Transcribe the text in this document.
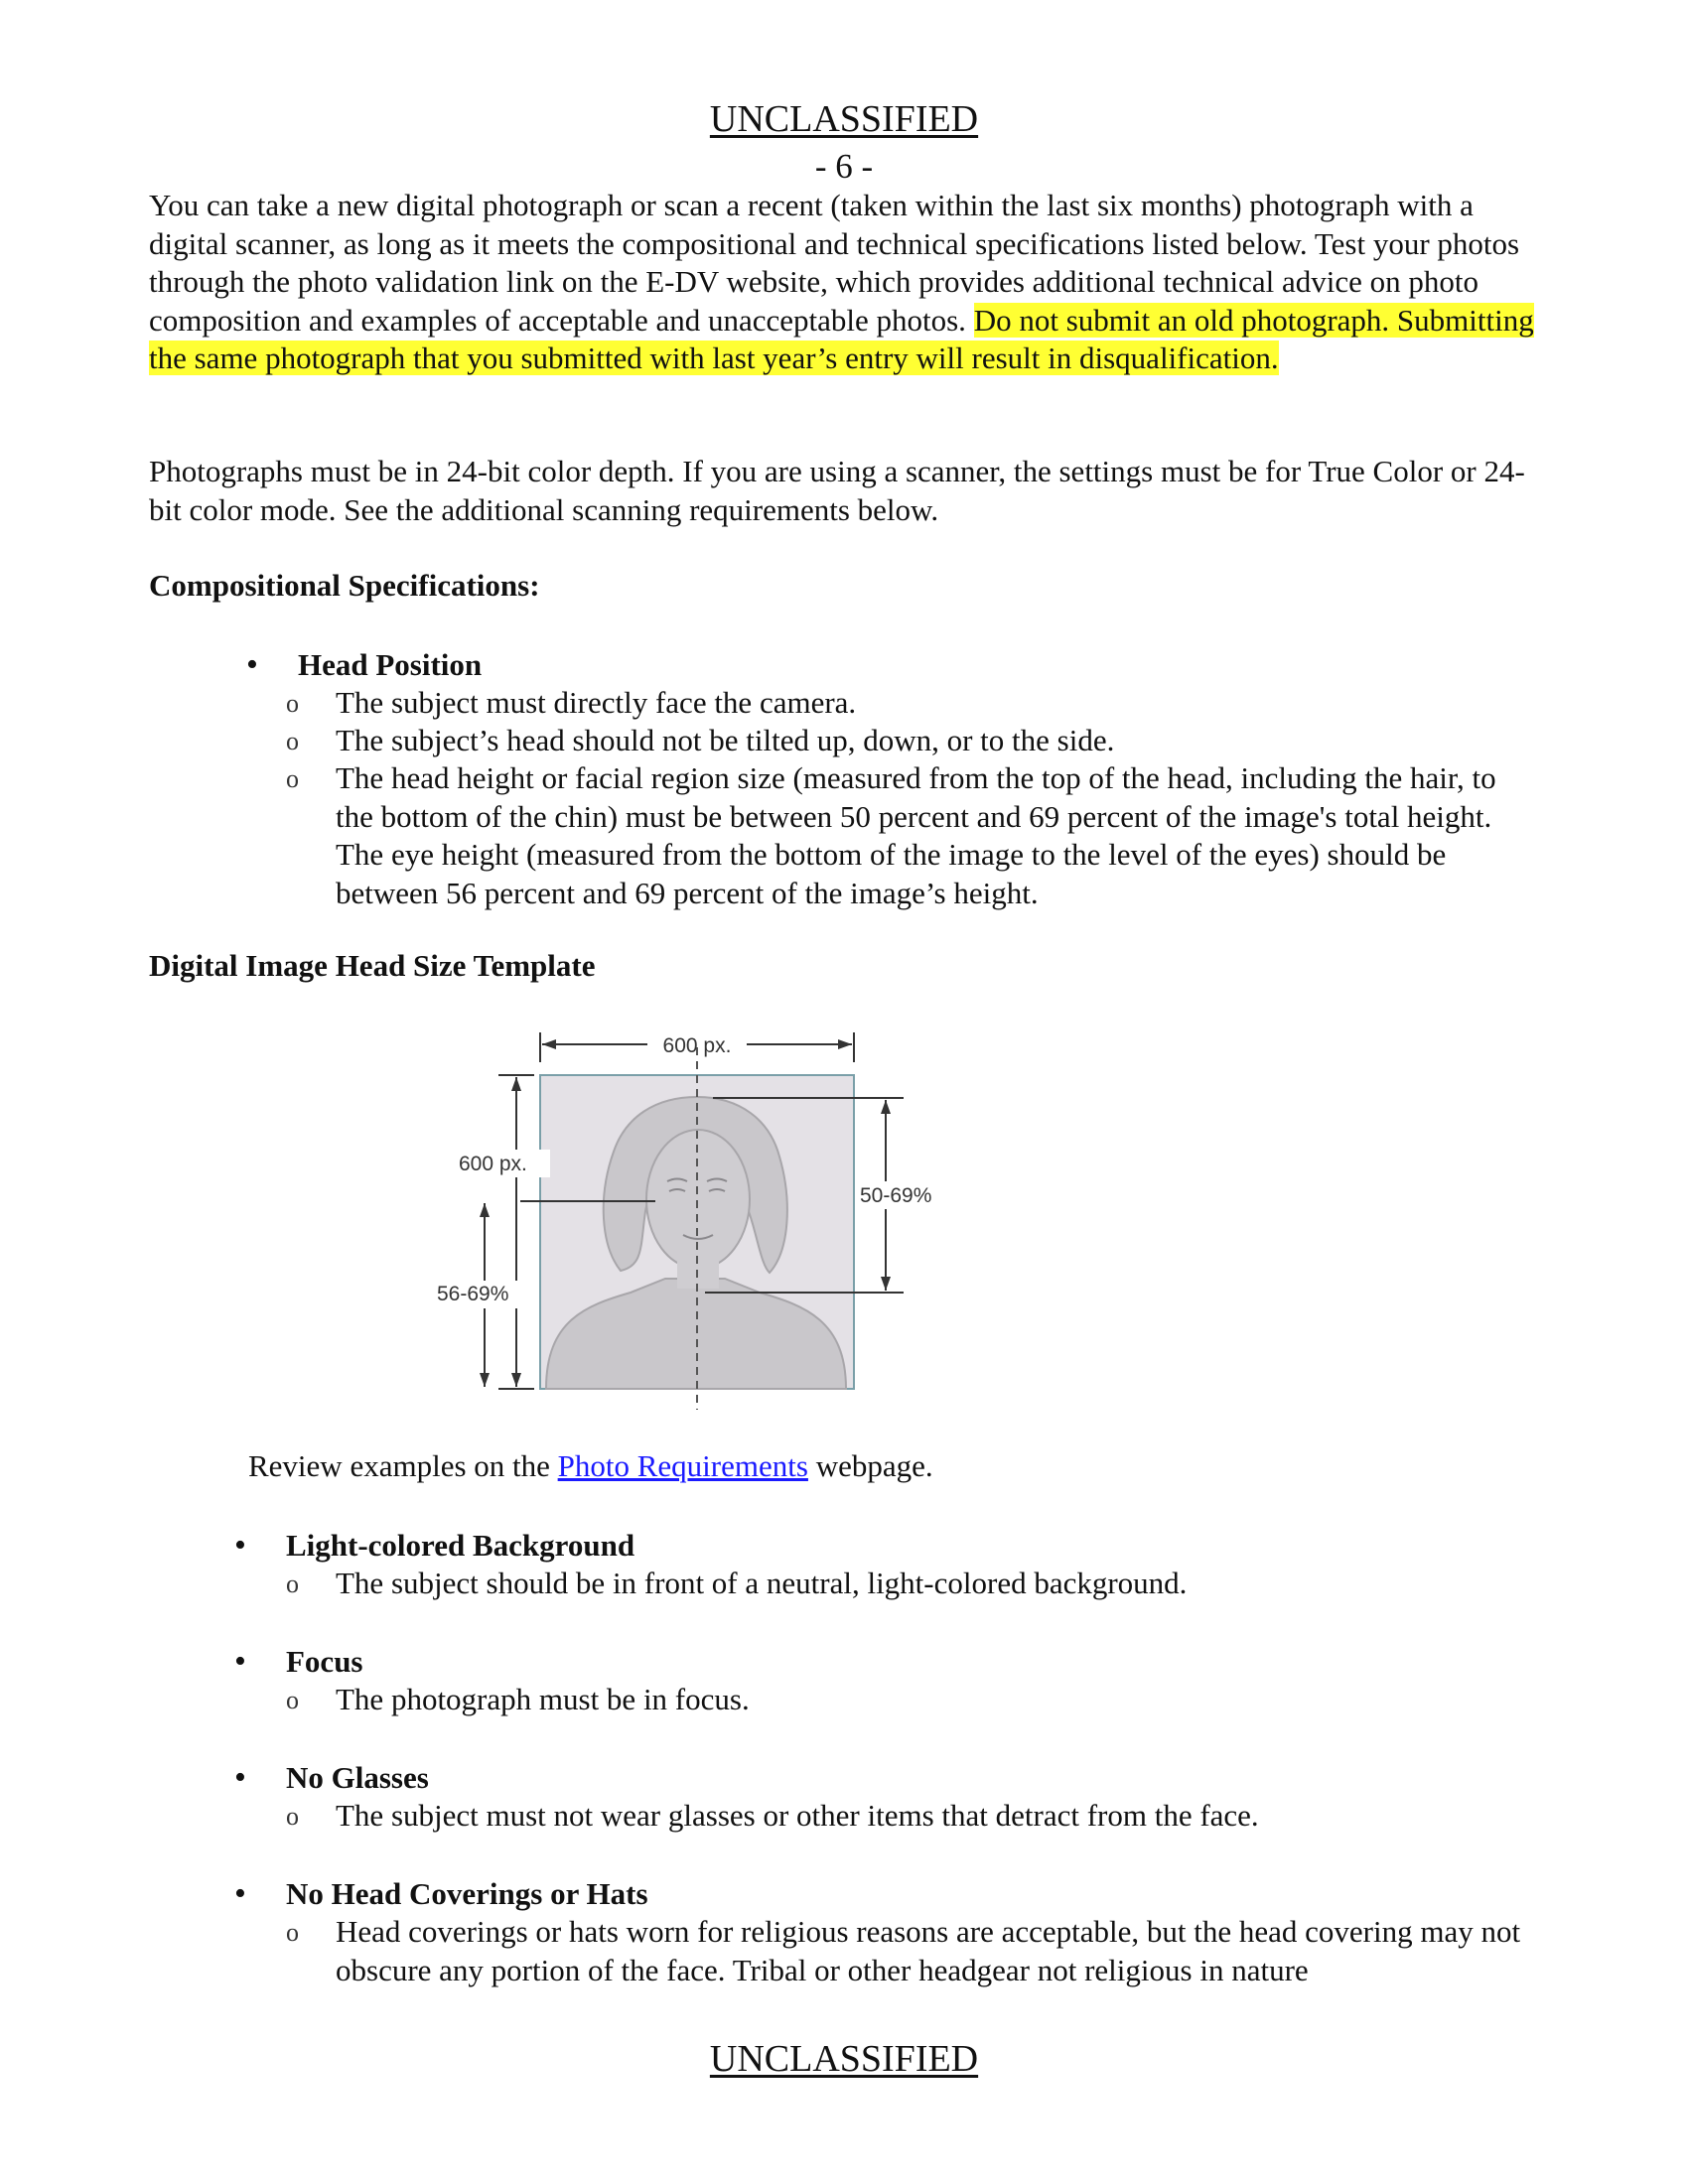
UNCLASSIFIED
- 6 -

You can take a new digital photograph or scan a recent (taken within the last six months) photograph with a digital scanner, as long as it meets the compositional and technical specifications listed below. Test your photos through the photo validation link on the E-DV website, which provides additional technical advice on photo composition and examples of acceptable and unacceptable photos. Do not submit an old photograph. Submitting the same photograph that you submitted with last year’s entry will result in disqualification.

Photographs must be in 24-bit color depth. If you are using a scanner, the settings must be for True Color or 24-bit color mode. See the additional scanning requirements below.

Compositional Specifications:

• Head Position
o The subject must directly face the camera.

o The subject’s head should not be tilted up, down, or to the side.

o The head height or facial region size (measured from the top of the head, including the hair, to the bottom of the chin) must be between 50 percent and 69 percent of the image's total height. The eye height (measured from the bottom of the image to the level of the eyes) should be between 56 percent and 69 percent of the image’s height.

Digital Image Head Size Template

600 px.
600 px.
56-69%
50-69%

Review examples on the Photo Requirements webpage.

• Light-colored Background
o The subject should be in front of a neutral, light-colored background.

• Focus
o The photograph must be in focus.

• No Glasses
o The subject must not wear glasses or other items that detract from the face.

• No Head Coverings or Hats
o Head coverings or hats worn for religious reasons are acceptable, but the head covering may not obscure any portion of the face. Tribal or other headgear not religious in nature

UNCLASSIFIED
